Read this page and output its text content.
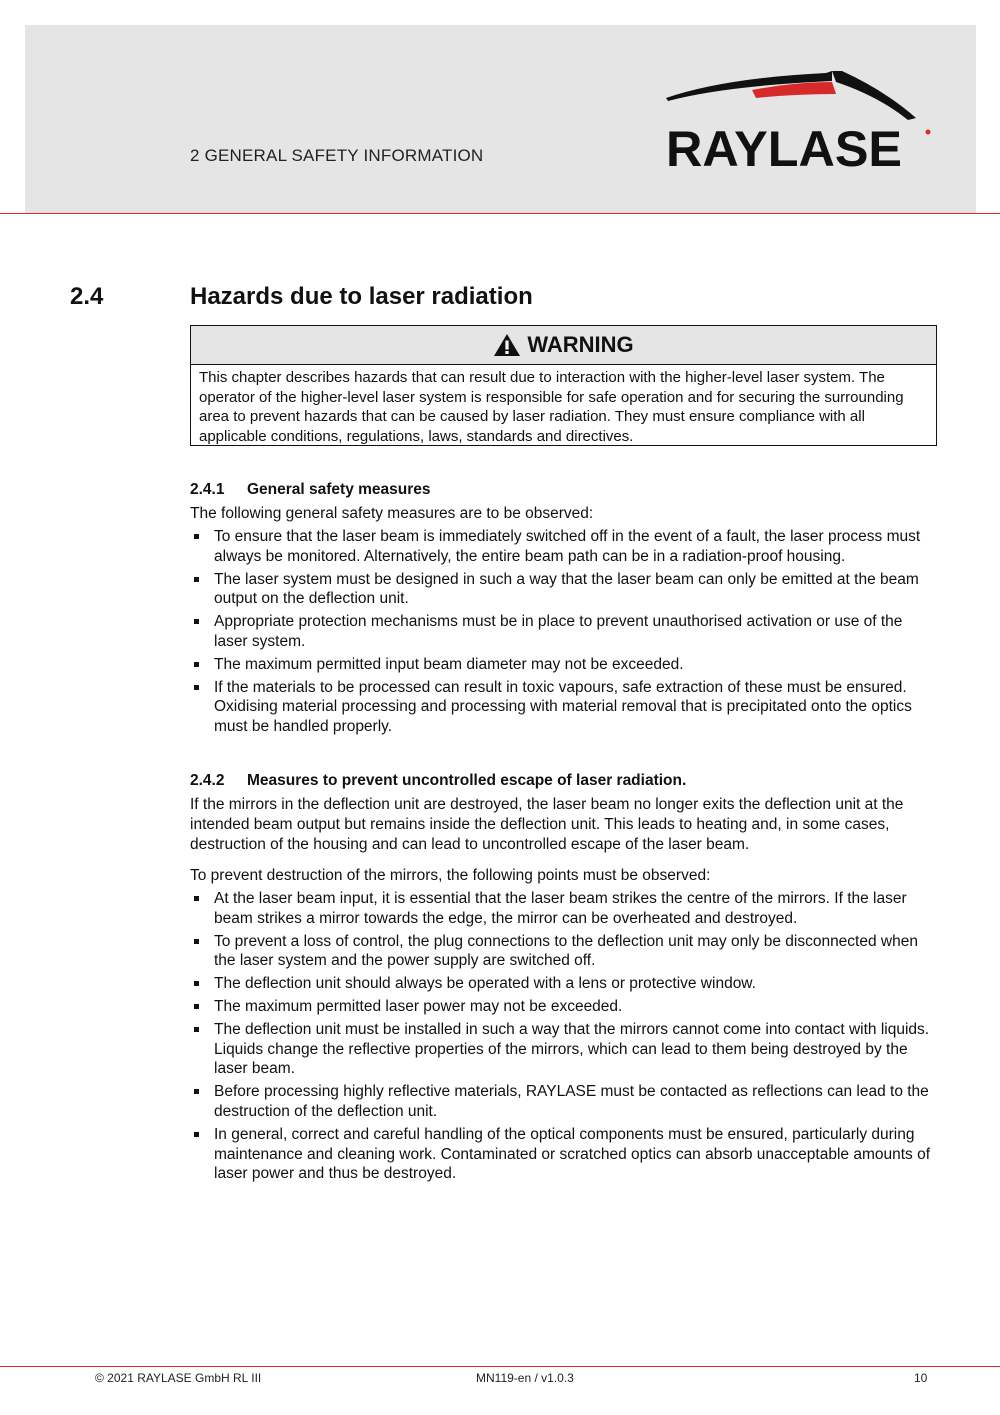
2 GENERAL SAFETY INFORMATION	RAYLASE
2.4	Hazards due to laser radiation
WARNING
This chapter describes hazards that can result due to interaction with the higher-level laser system. The operator of the higher-level laser system is responsible for safe operation and for securing the surrounding area to prevent hazards that can be caused by laser radiation. They must ensure compliance with all applicable conditions, regulations, laws, standards and directives.
2.4.1 General safety measures
The following general safety measures are to be observed:
To ensure that the laser beam is immediately switched off in the event of a fault, the laser process must always be monitored. Alternatively, the entire beam path can be in a radiation-proof housing.
The laser system must be designed in such a way that the laser beam can only be emitted at the beam output on the deflection unit.
Appropriate protection mechanisms must be in place to prevent unauthorised activation or use of the laser system.
The maximum permitted input beam diameter may not be exceeded.
If the materials to be processed can result in toxic vapours, safe extraction of these must be ensured. Oxidising material processing and processing with material removal that is precipitated onto the optics must be handled properly.
2.4.2 Measures to prevent uncontrolled escape of laser radiation.
If the mirrors in the deflection unit are destroyed, the laser beam no longer exits the deflection unit at the intended beam output but remains inside the deflection unit. This leads to heating and, in some cases, destruction of the housing and can lead to uncontrolled escape of the laser beam.
To prevent destruction of the mirrors, the following points must be observed:
At the laser beam input, it is essential that the laser beam strikes the centre of the mirrors. If the laser beam strikes a mirror towards the edge, the mirror can be overheated and destroyed.
To prevent a loss of control, the plug connections to the deflection unit may only be disconnected when the laser system and the power supply are switched off.
The deflection unit should always be operated with a lens or protective window.
The maximum permitted laser power may not be exceeded.
The deflection unit must be installed in such a way that the mirrors cannot come into contact with liquids. Liquids change the reflective properties of the mirrors, which can lead to them being destroyed by the laser beam.
Before processing highly reflective materials, RAYLASE must be contacted as reflections can lead to the destruction of the deflection unit.
In general, correct and careful handling of the optical components must be ensured, particularly during maintenance and cleaning work. Contaminated or scratched optics can absorb unacceptable amounts of laser power and thus be destroyed.
© 2021 RAYLASE GmbH RL III	MN119-en / v1.0.3	10
